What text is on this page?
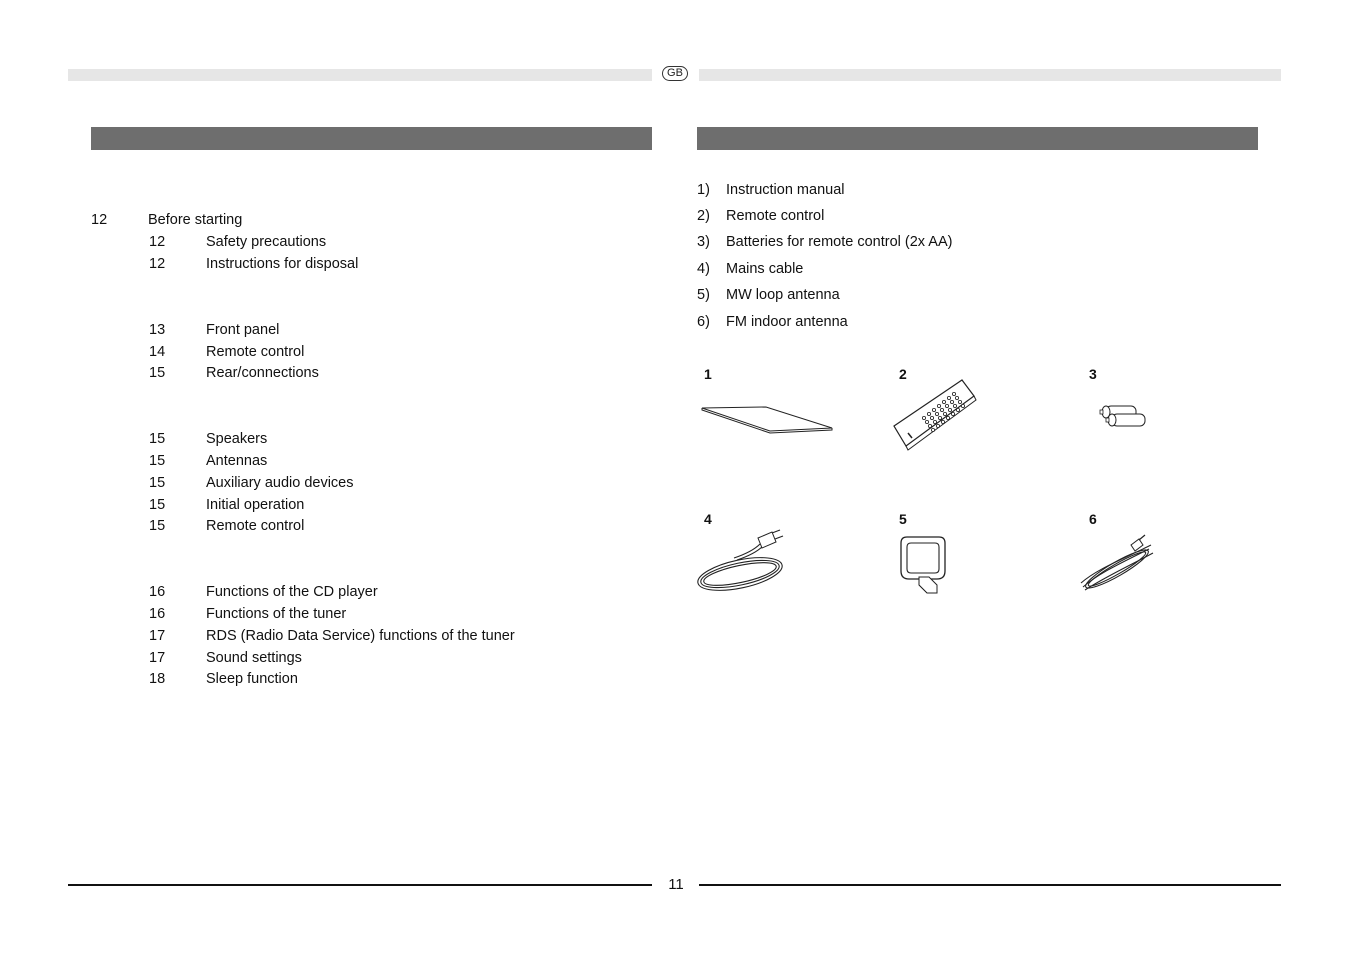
GB
12	Before starting
12	Safety precautions
12	Instructions for disposal
13	Front panel
14	Remote control
15	Rear/connections
15	Speakers
15	Antennas
15	Auxiliary audio devices
15	Initial operation
15	Remote control
16	Functions of the CD player
16	Functions of the tuner
17	RDS (Radio Data Service) functions of the tuner
17	Sound settings
18	Sleep function
1) Instruction manual
2) Remote control
3) Batteries for remote control (2x AA)
4) Mains cable
5) MW loop antenna
6) FM indoor antenna
1	2	3
4	5	6
11
